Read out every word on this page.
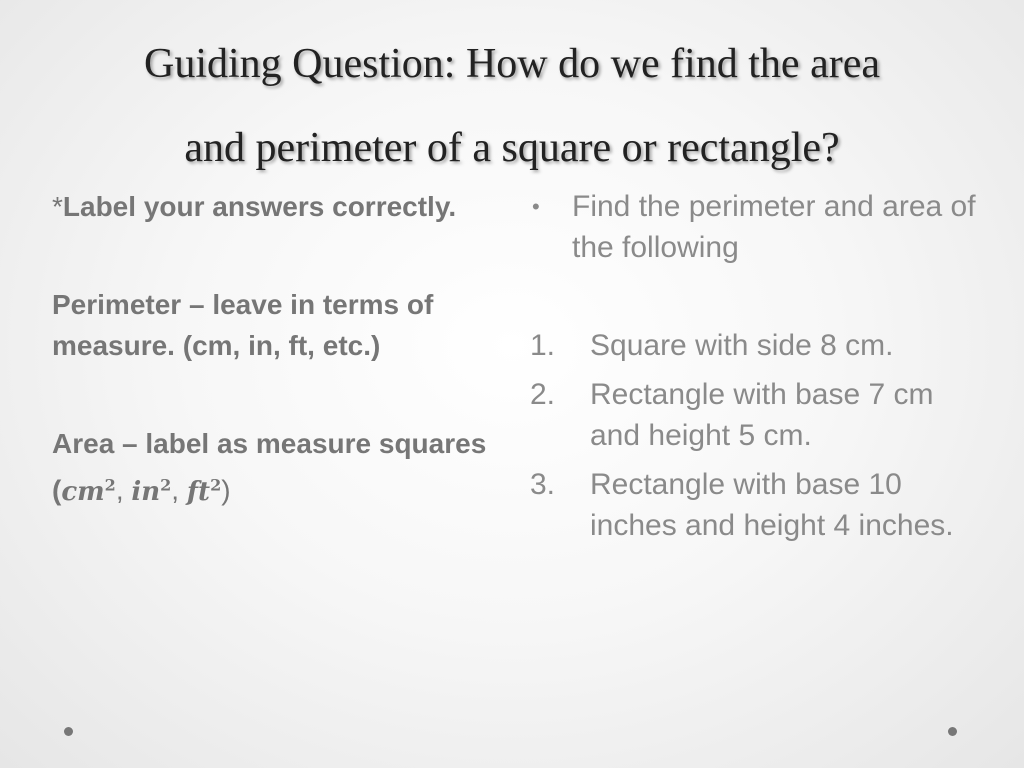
Guiding Question: How do we find the area
and perimeter of a square or rectangle?

*Label your answers correctly.

Perimeter – leave in terms of measure. (cm, in, ft, etc.)

Area – label as measure squares ($cm^2$, $in^2$, $ft^2$)

•	Find the perimeter and area of the following
1.	Square with side 8 cm.
2.	Rectangle with base 7 cm and height 5 cm.
3.	Rectangle with base 10 inches and height 4 inches.
